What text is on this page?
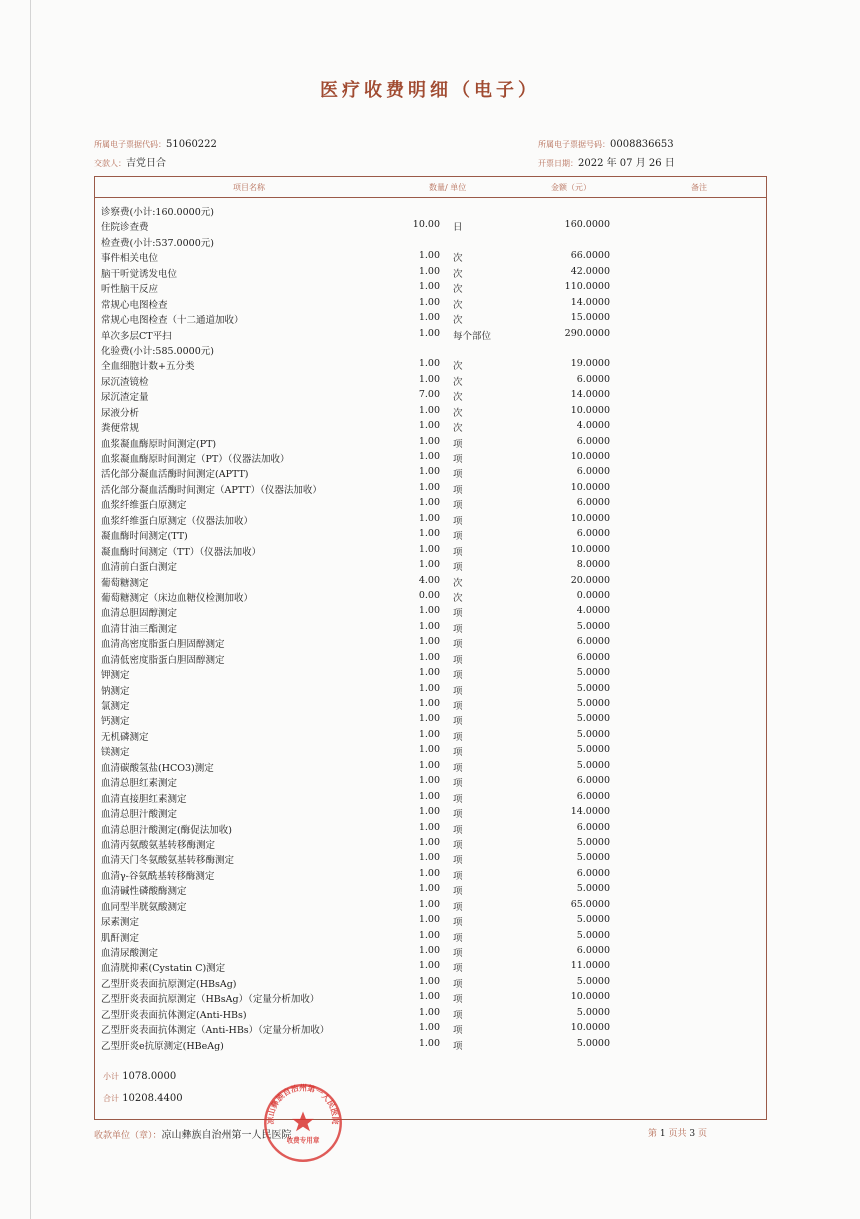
医疗收费明细（电子）
所属电子票据代码：51060222
交款人：吉党日合
所属电子票据号码：0008836653
开票日期：2022 年 07 月 26 日
项目名称	数量/ 单位	金额（元）	备注
诊察费(小计:160.0000元)
住院诊查费	10.00 日	160.0000
检查费(小计:537.0000元)
事件相关电位	1.00 次	66.0000
脑干听觉诱发电位	1.00 次	42.0000
听性脑干反应	1.00 次	110.0000
常规心电图检查	1.00 次	14.0000
常规心电图检查（十二通道加收）	1.00 次	15.0000
单次多层CT平扫	1.00 每个部位	290.0000
化验费(小计:585.0000元)
全血细胞计数+五分类	1.00 次	19.0000
尿沉渣镜检	1.00 次	6.0000
尿沉渣定量	7.00 次	14.0000
尿液分析	1.00 次	10.0000
粪便常规	1.00 次	4.0000
血浆凝血酶原时间测定(PT)	1.00 项	6.0000
血浆凝血酶原时间测定（PT）（仪器法加收）	1.00 项	10.0000
活化部分凝血活酶时间测定(APTT)	1.00 项	6.0000
活化部分凝血活酶时间测定（APTT）（仪器法加收）	1.00 项	10.0000
血浆纤维蛋白原测定	1.00 项	6.0000
血浆纤维蛋白原测定（仪器法加收）	1.00 项	10.0000
凝血酶时间测定(TT)	1.00 项	6.0000
凝血酶时间测定（TT）（仪器法加收）	1.00 项	10.0000
血清前白蛋白测定	1.00 项	8.0000
葡萄糖测定	4.00 次	20.0000
葡萄糖测定（床边血糖仪检测加收）	0.00 次	0.0000
血清总胆固醇测定	1.00 项	4.0000
血清甘油三酯测定	1.00 项	5.0000
血清高密度脂蛋白胆固醇测定	1.00 项	6.0000
血清低密度脂蛋白胆固醇测定	1.00 项	6.0000
钾测定	1.00 项	5.0000
钠测定	1.00 项	5.0000
氯测定	1.00 项	5.0000
钙测定	1.00 项	5.0000
无机磷测定	1.00 项	5.0000
镁测定	1.00 项	5.0000
血清碳酸氢盐(HCO3)测定	1.00 项	5.0000
血清总胆红素测定	1.00 项	6.0000
血清直接胆红素测定	1.00 项	6.0000
血清总胆汁酸测定	1.00 项	14.0000
血清总胆汁酸测定(酶促法加收)	1.00 项	6.0000
血清丙氨酸氨基转移酶测定	1.00 项	5.0000
血清天门冬氨酸氨基转移酶测定	1.00 项	5.0000
血清γ-谷氨酰基转移酶测定	1.00 项	6.0000
血清碱性磷酸酶测定	1.00 项	5.0000
血同型半胱氨酸测定	1.00 项	65.0000
尿素测定	1.00 项	5.0000
肌酐测定	1.00 项	5.0000
血清尿酸测定	1.00 项	6.0000
血清胱抑素(Cystatin C)测定	1.00 项	11.0000
乙型肝炎表面抗原测定(HBsAg)	1.00 项	5.0000
乙型肝炎表面抗原测定（HBsAg）（定量分析加收）	1.00 项	10.0000
乙型肝炎表面抗体测定(Anti-HBs)	1.00 项	5.0000
乙型肝炎表面抗体测定（Anti-HBs）（定量分析加收）	1.00 项	10.0000
乙型肝炎e抗原测定(HBeAg)	1.00 项	5.0000
小计 1078.0000
合计 10208.4400
收款单位（章）：凉山彝族自治州第一人民医院	第 1 页共 3 页
凉山彝族自治州第一人民医院
收费专用章
